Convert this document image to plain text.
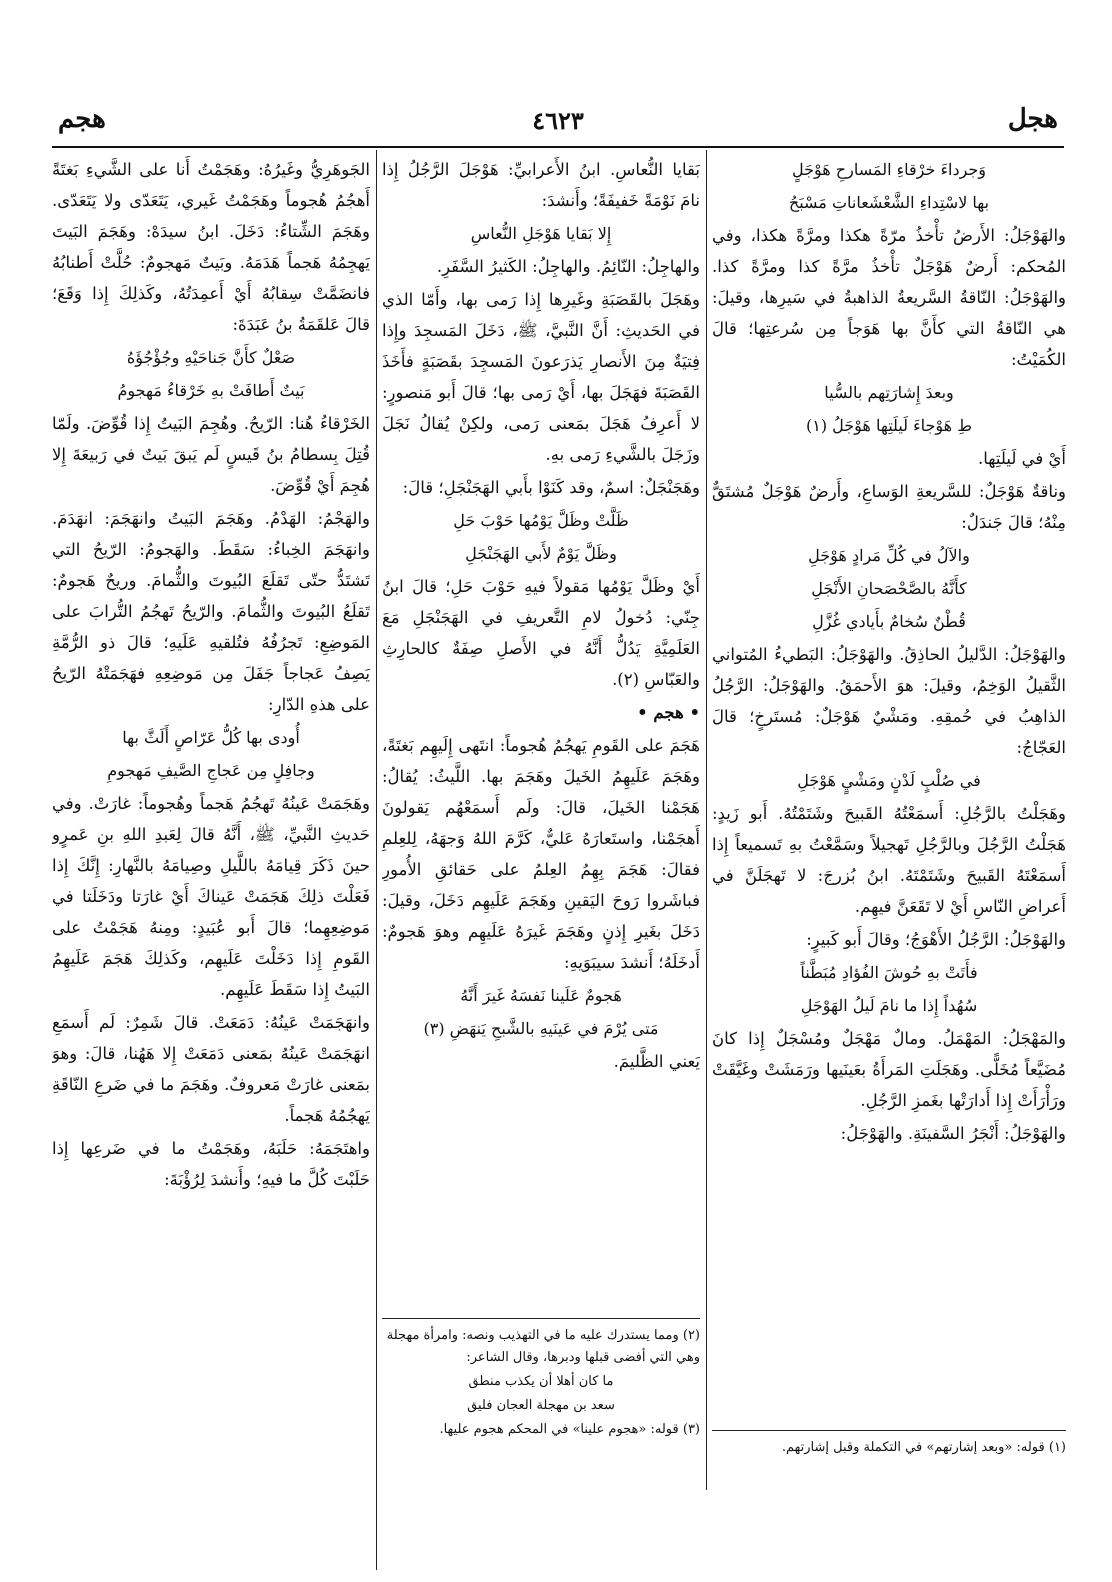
هجل
٤٦٢٣
هجم

وَجرداءَ خرْقاءِ المَسارحِ هَوْجَلٍ

بها لاسْتِداءِ الشَّعْشَعاناتِ مَسْبَحُ

والهَوْجَلُ: الأَرضُ تأْخذُ مرّةً هكذا ومرَّةً هكذا، وفي المُحكم: أَرضٌ هَوْجَلٌ تأْخذُ مرَّةً كذا ومرَّةً كذا. والهَوْجَلُ: النّاقةُ السَّريعةُ الذاهبةُ في سَيرِها، وقيلَ: هي النّاقةُ التي كأَنَّ بها هَوَجاً مِن سُرعتِها؛ قالَ الكُمَيْتُ:

وبعدَ إِشارَتِهم بالسُّيا

طِ هَوْجاءَ لَيلَتِها هَوْجَلُ (١)

أَيْ في لَيلَتِها.

وناقةٌ هَوْجَلٌ: للسَّريعةِ الوَساعِ، وأَرضٌ هَوْجَلٌ مُشتَقٌّ مِنْهُ؛ قالَ جَندَلٌ:

والآلُ في كُلِّ مَرادٍ هَوْجَلِ

كأَنَّهُ بالصَّحْصَحانِ الأَنْجَلِ

قُطْنٌ سُخامٌ بأَيادي غُزَّلِ

والهَوْجَلُ: الدَّليلُ الحاذِقُ. والهَوْجَلُ: البَطيءُ المُتواني الثَّقيلُ الوَخِمُ، وقيلَ: هوَ الأَحمَقُ. والهَوْجَلُ: الرَّجُلُ الذاهِبُ في حُمقِهِ. ومَشْيٌ هَوْجَلٌ: مُستَرخٍ؛ قالَ العَجّاجُ:

في صُلْبٍ لَدْنٍ ومَشْيٍ هَوْجَلِ

وهَجَلْتُ بالرَّجُلِ: أَسمَعْتُهُ القَبيحَ وشَتَمْتُهُ. أَبو زَيدٍ: هَجَلْتُ الرَّجُلَ وبالرَّجُلِ تَهجيلاً وسَمَّعْتُ بهِ تَسميعاً إِذا أَسمَعْتَهُ القَبيحَ وشَتَمْتَهُ. ابنُ بُزرجَ: لا تَهجَلَنَّ في أَعراضِ النّاسِ أَيْ لا تَقَعَنَّ فيهِم.

والهَوْجَلُ: الرَّجُلُ الأَهْوَجُ؛ وقالَ أَبو كَبيرٍ:

فأَتَتْ بهِ حُوشَ الفُؤادِ مُبَطَّناً

سُهُداً إِذا ما نامَ لَيلُ الهَوْجَلِ

والمَهْجَلُ: المَهْمَلُ. ومالٌ مَهْجَلٌ ومُسْجَلٌ إِذا كانَ مُضَيَّعاً مُخَلًّى. وهَجَلَتِ المَرأَةُ بعَينَيها ورَمَشَتْ وغَيَّقَتْ ورَأْرَأَتْ إِذا أَدارَتْها بغَمزِ الرَّجُلِ.

والهَوْجَلُ: أَنْجَرُ السَّفينَةِ. والهَوْجَلُ:

بَقايا النُّعاسِ. ابنُ الأَعرابيِّ: هَوْجَلَ الرَّجُلُ إِذا نامَ نَوْمَةً خَفيفَةً؛ وأَنشدَ:

إِلا بَقايا هَوْجَلِ النُّعاسِ

والهاجِلُ: النّائِمُ. والهاجِلُ: الكَثيرُ السَّفَرِ.

وهَجَلَ بالقَصَبَةِ وغَيرِها إِذا رَمى بها، وأَمّا الذي في الحَديثِ: أَنَّ النَّبيَّ، ﷺ، دَخَلَ المَسجِدَ وإِذا فِتيَةٌ مِنَ الأَنصارِ يَذرَعونَ المَسجِدَ بقَصَبَةٍ فأَخَذَ القَصَبَةَ فهَجَلَ بها، أَيْ رَمى بها؛ قالَ أَبو مَنصورٍ: لا أَعرِفُ هَجَلَ بمَعنى رَمى، ولكِنْ يُقالُ نَجَلَ وزَجَلَ بالشَّيءِ رَمى بهِ.

وهَجَنْجَلٌ: اسمٌ، وقد كَنَوْا بأَبي الهَجَنْجَلِ؛ قالَ:

ظَلَّتْ وظَلَّ يَوْمُها حَوْبَ حَلِ

وظَلَّ يَوْمٌ لأَبي الهَجَنْجَلِ

أَيْ وظَلَّ يَوْمُها مَقولاً فيهِ حَوْبَ حَلِ؛ قالَ ابنُ جِنّي: دُخولُ لامِ التَّعريفِ في الهَجَنْجَلِ مَعَ العَلَمِيَّةِ يَدُلُّ أَنَّهُ في الأَصلِ صِفَةٌ كالحارِثِ والعَبّاسِ (٢).

• هجم •

هَجَمَ على القَومِ يَهجُمُ هُجوماً: انتَهى إِلَيهِم بَغتَةً، وهَجَمَ عَلَيهِمُ الخَيلَ وهَجَمَ بها. اللَّيثُ: يُقالُ: هَجَمْنا الخَيلَ، قالَ: ولَم أَسمَعْهُم يَقولونَ أَهجَمْنا، واستَعارَهُ عَليٌّ، كَرَّمَ اللهُ وَجهَهُ، لِلعِلمِ فقالَ: هَجَمَ بِهِمُ العِلمُ على حَقائقِ الأُمورِ فباشَروا رَوحَ اليَقينِ وهَجَمَ عَلَيهِم دَخَلَ، وقيلَ: دَخَلَ بغَيرِ إِذنٍ وهَجَمَ غَيرَهُ عَلَيهِم وهوَ هَجومٌ: أَدخَلَهُ؛ أَنشدَ سيبَوَيهِ:

هَجومٌ عَلَينا نَفسَهُ غَيرَ أَنَّهُ

مَتى يُرْمَ في عَينَيهِ بالشَّبحِ يَنهَضِ (٣)

يَعني الظَّليمَ.

الجَوهَرِيُّ وغَيرُهُ: وهَجَمْتُ أَنا على الشَّيءِ بَغتَةً أَهجُمُ هُجوماً وهَجَمْتُ غَيري، يَتَعَدّى ولا يَتَعَدّى. وهَجَمَ الشِّتاءُ: دَخَلَ. ابنُ سيدَهْ: وهَجَمَ البَيتَ يَهجِمُهُ هَجماً هَدَمَهُ. وبَيتٌ مَهجومٌ: حُلَّتْ أَطنابُهُ فانضَمَّتْ سِقابُهُ أَيْ أَعمِدَتُهُ، وكَذلِكَ إِذا وَقَعَ؛ قالَ عَلقَمَةُ بنُ عَبَدَةَ:

صَعْلٌ كأَنَّ جَناحَيْهِ وجُؤْجُؤَهُ

بَيتٌ أَطافَتْ بهِ خَرْقاءُ مَهجومُ

الخَرْقاءُ هُنا: الرّيحُ. وهُجِمَ البَيتُ إِذا قُوِّضَ. ولَمّا قُتِلَ بِسطامُ بنُ قَيسٍ لَم يَبقَ بَيتٌ في رَبيعَةَ إِلا هُجِمَ أَيْ قُوِّضَ.

والهَجْمُ: الهَدْمُ. وهَجَمَ البَيتُ وانهَجَمَ: انهَدَمَ. وانهَجَمَ الخِباءُ: سَقَطَ. والهَجومُ: الرّيحُ التي تَشتَدُّ حتّى تَقلَعَ البُيوتَ والثُّمامَ. وريحٌ هَجومٌ: تَقلَعُ البُيوتَ والثُّمامَ. والرّيحُ تَهجُمُ التُّرابَ على المَوضِعِ: تَجرُفُهُ فتُلقيهِ عَلَيهِ؛ قالَ ذو الرُّمَّةِ يَصِفُ عَجاجاً جَفَلَ مِن مَوضِعِهِ فهَجَمَتْهُ الرّيحُ على هذهِ الدّارِ:

أُودى بها كُلُّ عَرّاصٍ أَلَثَّ بها

وجافِلٍ مِن عَجاجِ الصَّيفِ مَهجومِ

وهَجَمَتْ عَينُهُ تَهجُمُ هَجماً وهُجوماً: غارَتْ. وفي حَديثِ النَّبيِّ، ﷺ، أَنَّهُ قالَ لِعَبدِ اللهِ بنِ عَمرٍو حينَ ذَكَرَ قِيامَهُ باللَّيلِ وصِيامَهُ بالنَّهارِ: إِنَّكَ إِذا فَعَلْتَ ذلِكَ هَجَمَتْ عَيناكَ أَيْ غارَتا ودَخَلَتا في مَوضِعِهِما؛ قالَ أَبو عُبَيدٍ: ومِنهُ هَجَمْتُ على القَومِ إِذا دَخَلْتَ عَلَيهِم، وكَذلِكَ هَجَمَ عَلَيهِمُ البَيتُ إِذا سَقَطَ عَلَيهِم.

وانهَجَمَتْ عَينُهُ: دَمَعَتْ. قالَ شَمِرٌ: لَم أَسمَعِ انهَجَمَتْ عَينُهُ بمَعنى دَمَعَتْ إِلا هَهُنا، قالَ: وهوَ بمَعنى غارَتْ مَعروفٌ. وهَجَمَ ما في ضَرعِ النّاقَةِ يَهجُمُهُ هَجماً.

واهتَجَمَهُ: حَلَبَهُ، وهَجَمْتُ ما في ضَرعِها إِذا حَلَبْتَ كُلَّ ما فيهِ؛ وأَنشدَ لِرُؤْبَةَ:

(٢) ومما يستدرك عليه ما في التهذيب ونصه: وامرأة مهجلة وهي التي أفضى قبلها ودبرها، وقال الشاعر:

ما كان أهلا أن يكذب منطق

سعد بن مهجلة العجان فليق

(٣) قوله: «هجوم علينا» في المحكم هجوم عليها.

(١) قوله: «وبعد إشارتهم» في التكملة وقبل إشارتهم.
